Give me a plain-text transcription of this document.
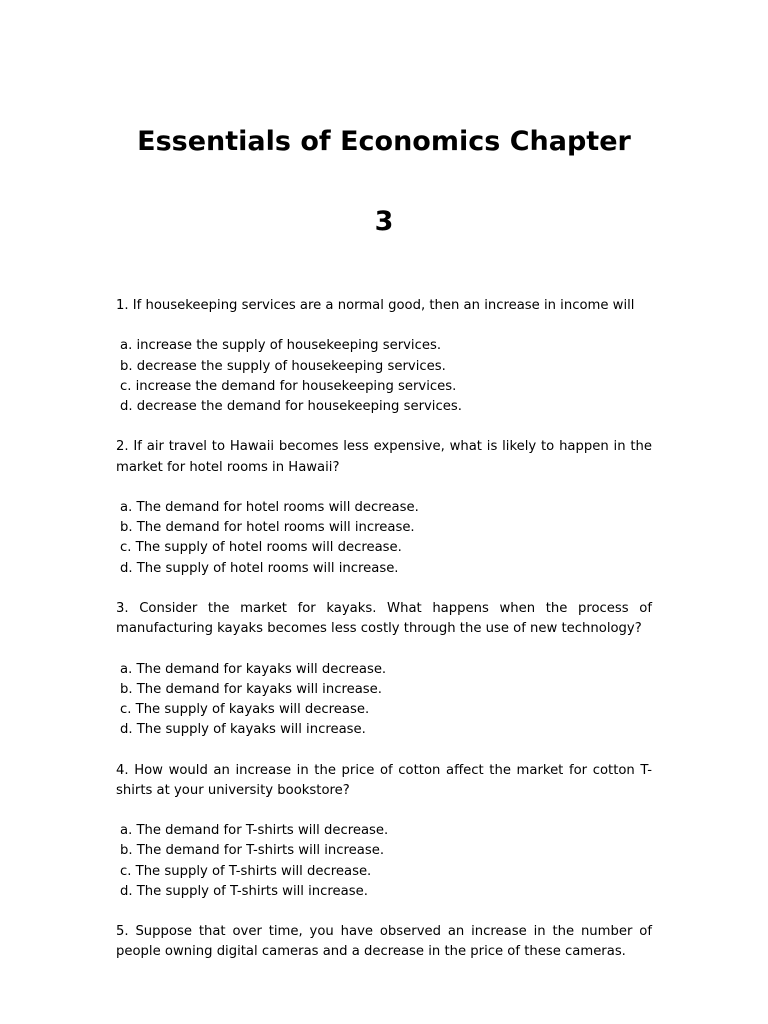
Essentials of Economics Chapter
3

1. If housekeeping services are a normal good, then an increase in income will

a. increase the supply of housekeeping services.
b. decrease the supply of housekeeping services.
c. increase the demand for housekeeping services.
d. decrease the demand for housekeeping services.

2. If air travel to Hawaii becomes less expensive, what is likely to happen in the market for hotel rooms in Hawaii?

a. The demand for hotel rooms will decrease.
b. The demand for hotel rooms will increase.
c. The supply of hotel rooms will decrease.
d. The supply of hotel rooms will increase.

3. Consider the market for kayaks. What happens when the process of manufacturing kayaks becomes less costly through the use of new technology?

a. The demand for kayaks will decrease.
b. The demand for kayaks will increase.
c. The supply of kayaks will decrease.
d. The supply of kayaks will increase.

4. How would an increase in the price of cotton affect the market for cotton T-shirts at your university bookstore?

a. The demand for T-shirts will decrease.
b. The demand for T-shirts will increase.
c. The supply of T-shirts will decrease.
d. The supply of T-shirts will increase.

5. Suppose that over time, you have observed an increase in the number of people owning digital cameras and a decrease in the price of these cameras.
